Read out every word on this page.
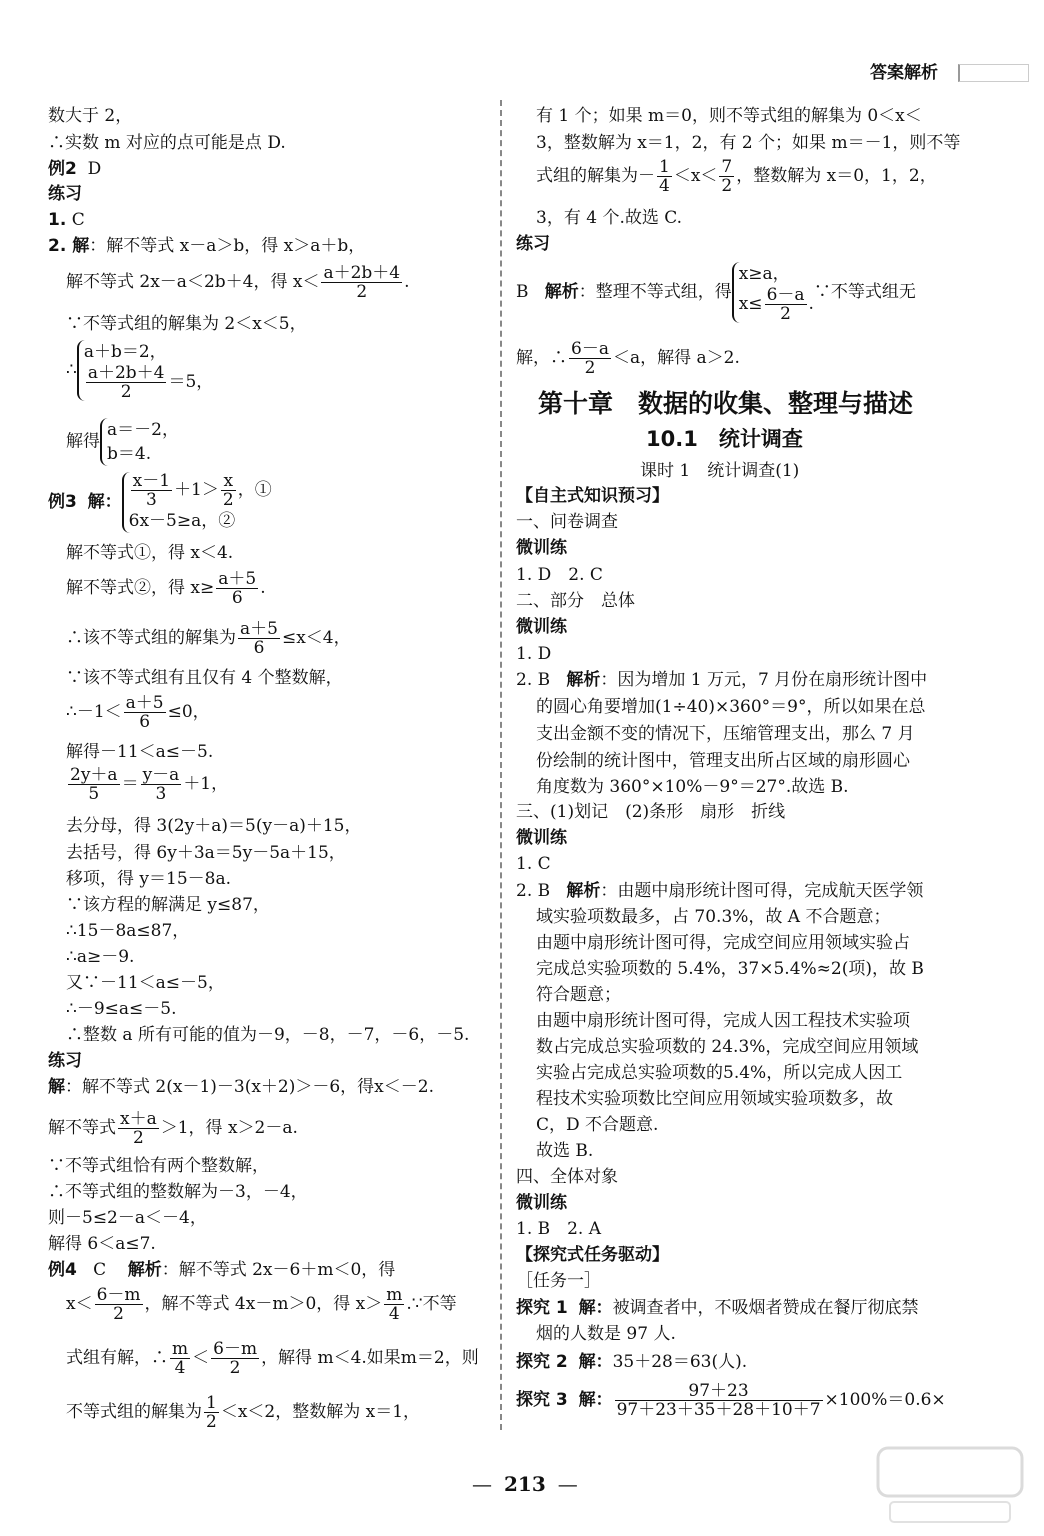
答案解析
数大于 2，
∴实数 m 对应的点可能是点 D.
例2 D
练习
1. C
2. 解：解不等式 x－a＞b，得 x＞a＋b，
解不等式 2x－a＜2b＋4，得 $x< \frac{a+2b+4}{2}$ .
∵不等式组的解集为 2＜x＜5，
∴a＋b＝2，

$\frac{a+2b+4}{2} =5$，
解得a＝－2，
b＝4.
例3 解： $\frac{x-1}{3} +1> \frac{x}{2}$ ，①
6x－5≥a，②
解不等式①，得 x＜4.
解不等式②，得 $x\ge \frac{a+5}{6}$ .
∴该不等式组的解集为 $\frac{a+5}{6} \le x<4$，
∵该不等式组有且仅有 4 个整数解，
∴－1＜ $\frac{a+5}{6} \le 0$，
解得－11＜a≤－5.
$\frac{2y+a}{5} = \frac{y-a}{3} +1$，
去分母，得 3(2y＋a)＝5(y－a)＋15，
去括号，得 6y＋3a＝5y－5a＋15，
移项，得 y＝15－8a.
∵该方程的解满足 y≤87，
∴15－8a≤87，
∴a≥－9.
又∵－11＜a≤－5，
∴－9≤a≤－5.
∴整数 a 所有可能的值为－9，－8，－7，－6，－5.
练习
解：解不等式 2(x－1)－3(x＋2)＞－6，得x＜－2.
解不等式 $\frac{x+a}{2} >1$，得 x＞2－a.
∵不等式组恰有两个整数解，
∴不等式组的整数解为－3，－4，
则－5≤2－a＜－4，
解得 6＜a≤7.
例4 C 解析：解不等式 2x－6＋m＜0，得
$x< \frac{6-m}{2}$ ，解不等式 4x－m＞0，得 $x> \frac{m}{4}$ .∵不等
式组有解，∴ $\frac{m}{4} < \frac{6-m}{2}$ ，解得 m＜4.如果m＝2，则
不等式组的解集为 $\frac{1}{2} <x<2$，整数解为 x＝1，
有 1 个；如果 m＝0，则不等式组的解集为 0＜x＜
3，整数解为 x＝1，2，有 2 个；如果 m＝－1，则不等
式组的解集为－ $\frac{1}{4} <x< \frac{7}{2}$ ，整数解为 x＝0，1，2，
3，有 4 个.故选 C.
练习
B 解析：整理不等式组，得x≥a，
$x\le \frac{6-a}{2}$ .∵不等式组无
解，∴ $\frac{6-a}{2} <a$，解得 a＞2.
第十章　数据的收集、整理与描述
10.1　统计调查
课时 1　统计调查(1)
【自主式知识预习】
一、问卷调查
微训练
1. D　2. C
二、部分　总体
微训练
1. D
2. B 解析：因为增加 1 万元，7 月份在扇形统计图中
的圆心角要增加(1÷40)×360°＝9°，所以如果在总
支出金额不变的情况下，压缩管理支出，那么 7 月
份绘制的统计图中，管理支出所占区域的扇形圆心
角度数为 360°×10%－9°＝27°.故选 B.
三、(1)划记　(2)条形　扇形　折线
微训练
1. C
2. B 解析：由题中扇形统计图可得，完成航天医学领
域实验项数最多，占 70.3%，故 A 不合题意；
由题中扇形统计图可得，完成空间应用领域实验占
完成总实验项数的 5.4%，37×5.4%≈2(项)，故 B
符合题意；
由题中扇形统计图可得，完成人因工程技术实验项
数占完成总实验项数的 24.3%，完成空间应用领域
实验占完成总实验项数的5.4%，所以完成人因工
程技术实验项数比空间应用领域实验项数多，故
C，D 不合题意.
故选 B.
四、全体对象
微训练
1. B　2. A
【探究式任务驱动】
［任务一］
探究 1 解：被调查者中，不吸烟者赞成在餐厅彻底禁
烟的人数是 97 人.
探究 2 解：35＋28＝63(人).
探究 3 解： $\frac{97+23}{97+23+35+28+10+7} \times 100\%=0.6\times$
— 213 —
